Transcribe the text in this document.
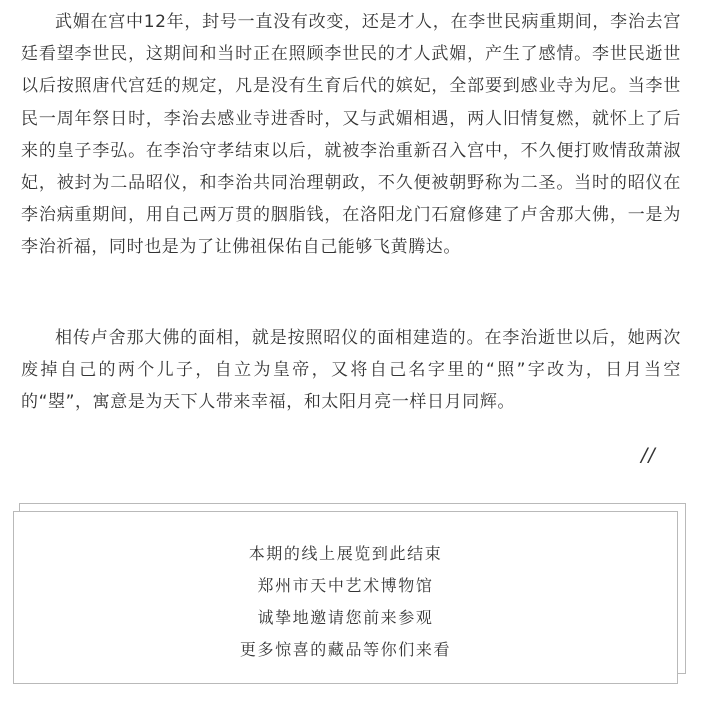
武媚在宫中12年，封号一直没有改变，还是才人，在李世民病重期间，李治去宫廷看望李世民，这期间和当时正在照顾李世民的才人武媚，产生了感情。李世民逝世以后按照唐代宫廷的规定，凡是没有生育后代的嫔妃，全部要到感业寺为尼。当李世民一周年祭日时，李治去感业寺进香时，又与武媚相遇，两人旧情复燃，就怀上了后来的皇子李弘。在李治守孝结束以后，就被李治重新召入宫中，不久便打败情敌萧淑妃，被封为二品昭仪，和李治共同治理朝政，不久便被朝野称为二圣。当时的昭仪在李治病重期间，用自己两万贯的胭脂钱，在洛阳龙门石窟修建了卢舍那大佛，一是为李治祈福，同时也是为了让佛祖保佑自己能够飞黄腾达。

相传卢舍那大佛的面相，就是按照昭仪的面相建造的。在李治逝世以后，她两次废掉自己的两个儿子，自立为皇帝，又将自己名字里的“照”字改为，日月当空的“曌”，寓意是为天下人带来幸福，和太阳月亮一样日月同辉。

//
本期的线上展览到此结束
郑州市天中艺术博物馆
诚挚地邀请您前来参观
更多惊喜的藏品等你们来看
